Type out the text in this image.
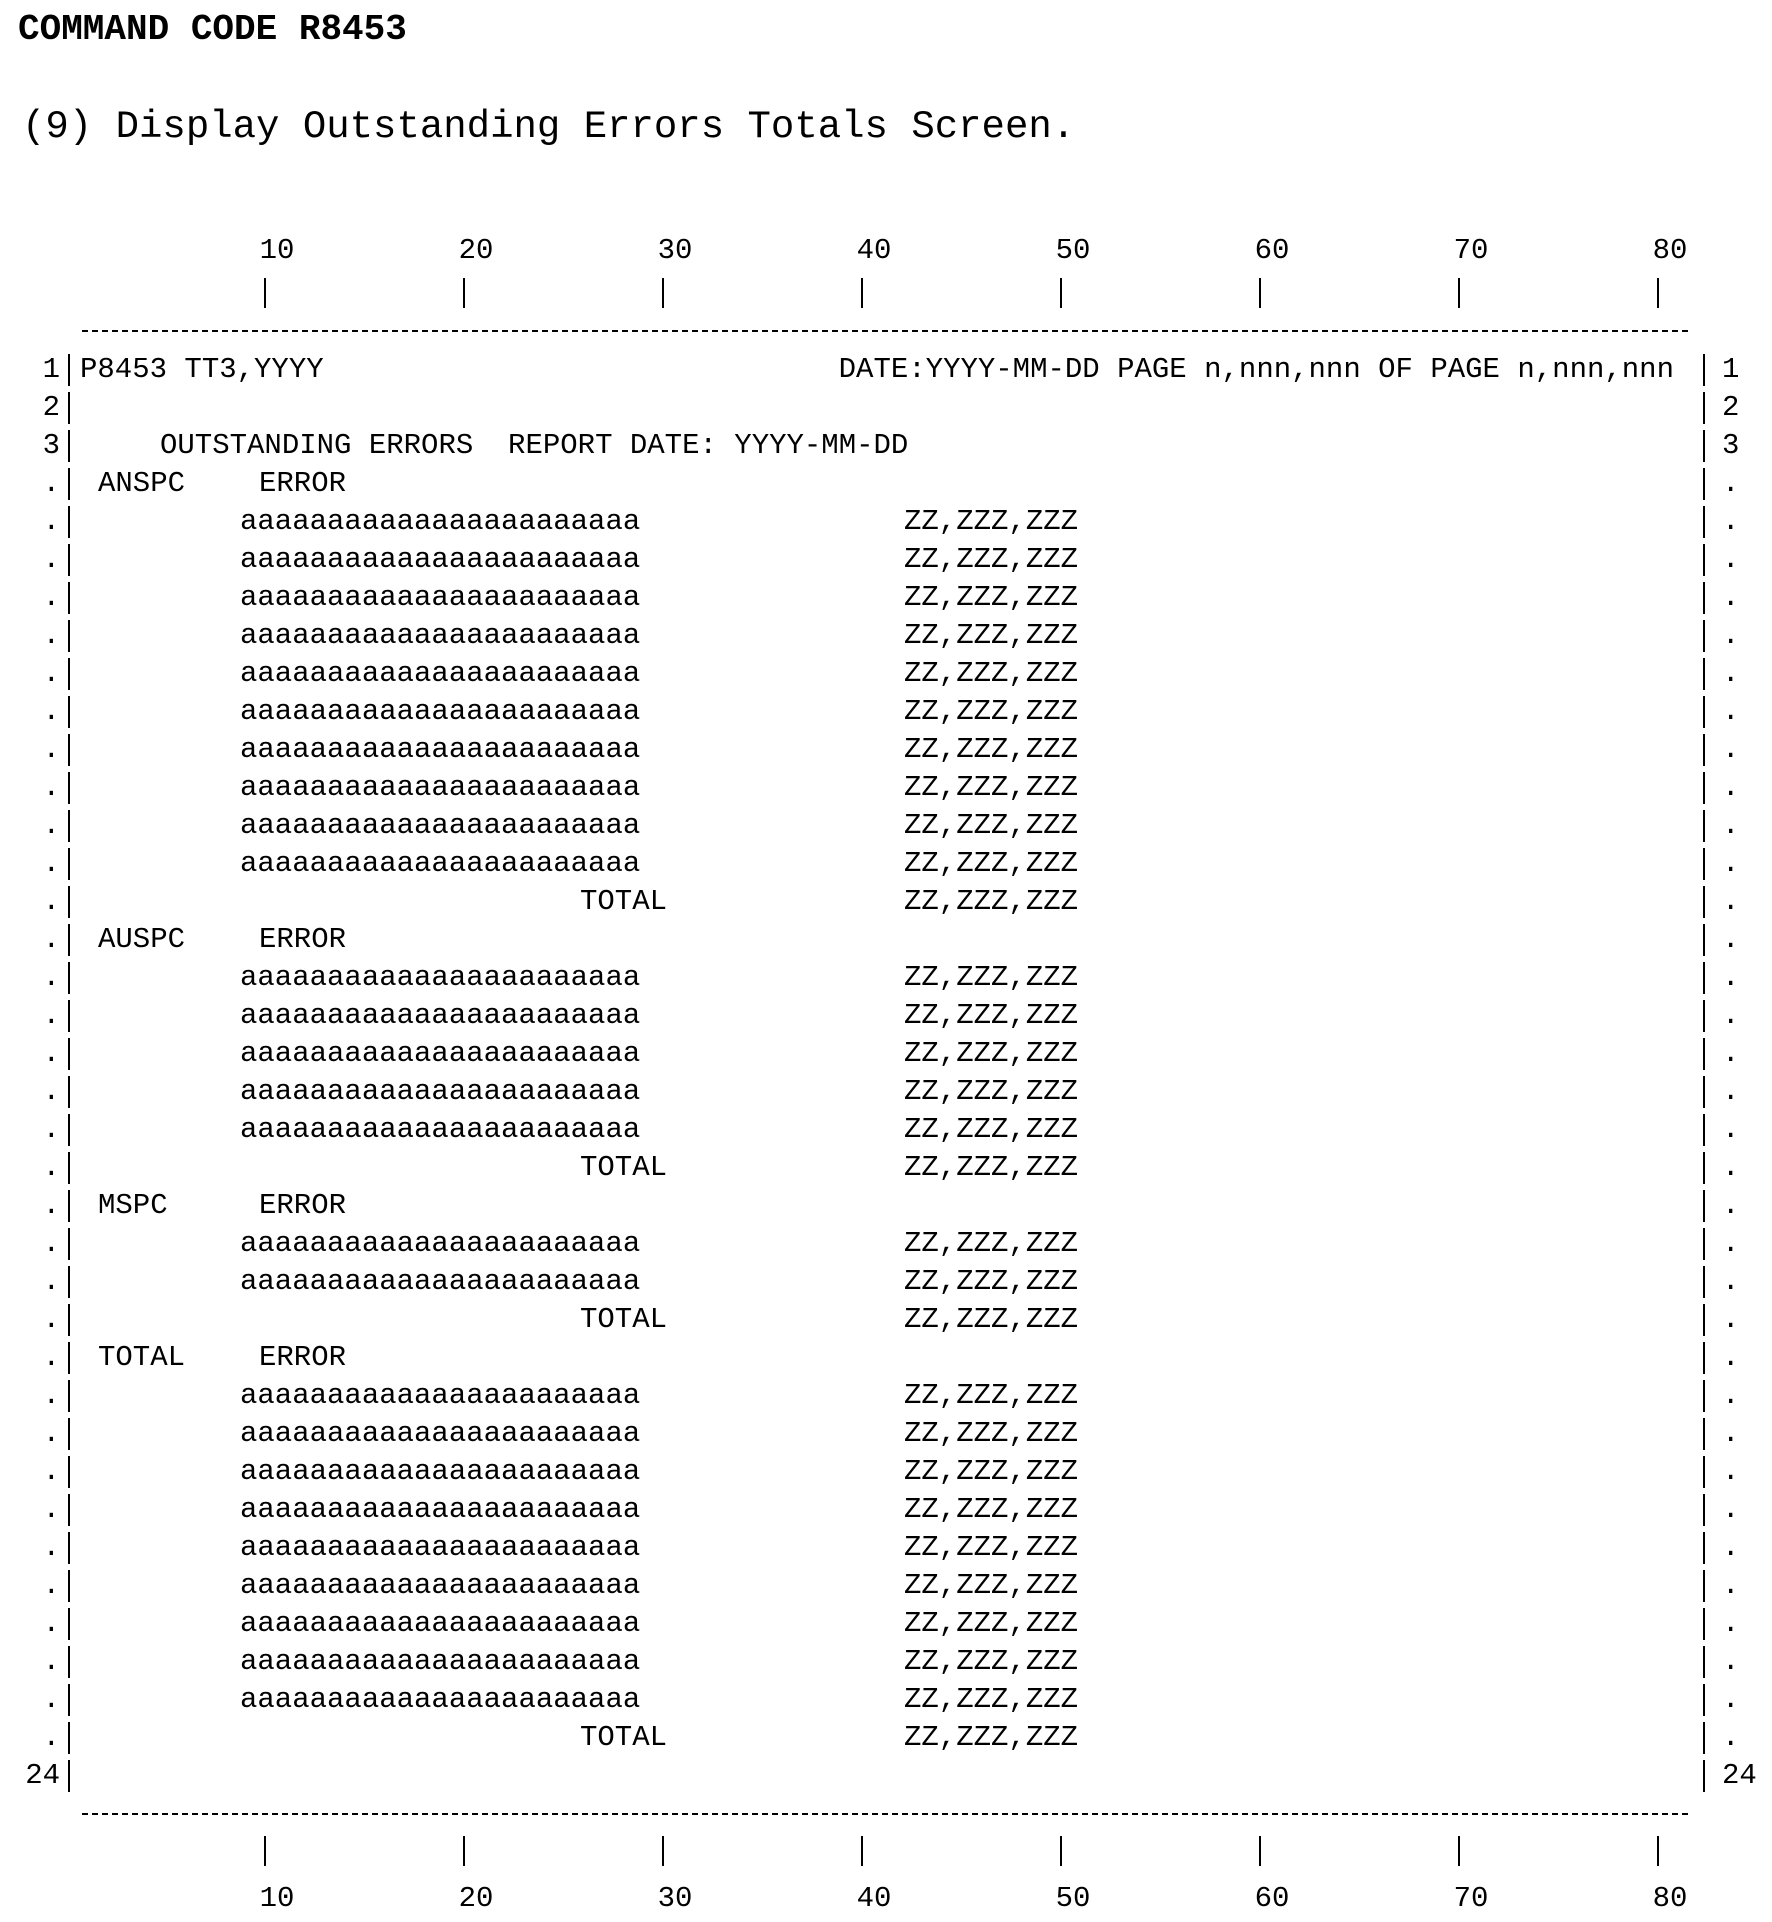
COMMAND CODE R8453
(9) Display Outstanding Errors Totals Screen.
10	20	30	40	50	60	70	80
1	1
P8453 TT3,YYYY	DATE:YYYY-MM-DD PAGE n,nnn,nnn OF PAGE n,nnn,nnn
2	2
3	3
OUTSTANDING ERRORS  REPORT DATE: YYYY-MM-DD
.	.
ANSPC	ERROR
.	.
aaaaaaaaaaaaaaaaaaaaaaa	ZZ,ZZZ,ZZZ
.	.
aaaaaaaaaaaaaaaaaaaaaaa	ZZ,ZZZ,ZZZ
.	.
aaaaaaaaaaaaaaaaaaaaaaa	ZZ,ZZZ,ZZZ
.	.
aaaaaaaaaaaaaaaaaaaaaaa	ZZ,ZZZ,ZZZ
.	.
aaaaaaaaaaaaaaaaaaaaaaa	ZZ,ZZZ,ZZZ
.	.
aaaaaaaaaaaaaaaaaaaaaaa	ZZ,ZZZ,ZZZ
.	.
aaaaaaaaaaaaaaaaaaaaaaa	ZZ,ZZZ,ZZZ
.	.
aaaaaaaaaaaaaaaaaaaaaaa	ZZ,ZZZ,ZZZ
.	.
aaaaaaaaaaaaaaaaaaaaaaa	ZZ,ZZZ,ZZZ
.	.
aaaaaaaaaaaaaaaaaaaaaaa	ZZ,ZZZ,ZZZ
.	.
TOTAL	ZZ,ZZZ,ZZZ
.	.
AUSPC	ERROR
.	.
aaaaaaaaaaaaaaaaaaaaaaa	ZZ,ZZZ,ZZZ
.	.
aaaaaaaaaaaaaaaaaaaaaaa	ZZ,ZZZ,ZZZ
.	.
aaaaaaaaaaaaaaaaaaaaaaa	ZZ,ZZZ,ZZZ
.	.
aaaaaaaaaaaaaaaaaaaaaaa	ZZ,ZZZ,ZZZ
.	.
aaaaaaaaaaaaaaaaaaaaaaa	ZZ,ZZZ,ZZZ
.	.
TOTAL	ZZ,ZZZ,ZZZ
.	.
MSPC	ERROR
.	.
aaaaaaaaaaaaaaaaaaaaaaa	ZZ,ZZZ,ZZZ
.	.
aaaaaaaaaaaaaaaaaaaaaaa	ZZ,ZZZ,ZZZ
.	.
TOTAL	ZZ,ZZZ,ZZZ
.	.
TOTAL	ERROR
.	.
aaaaaaaaaaaaaaaaaaaaaaa	ZZ,ZZZ,ZZZ
.	.
aaaaaaaaaaaaaaaaaaaaaaa	ZZ,ZZZ,ZZZ
.	.
aaaaaaaaaaaaaaaaaaaaaaa	ZZ,ZZZ,ZZZ
.	.
aaaaaaaaaaaaaaaaaaaaaaa	ZZ,ZZZ,ZZZ
.	.
aaaaaaaaaaaaaaaaaaaaaaa	ZZ,ZZZ,ZZZ
.	.
aaaaaaaaaaaaaaaaaaaaaaa	ZZ,ZZZ,ZZZ
.	.
aaaaaaaaaaaaaaaaaaaaaaa	ZZ,ZZZ,ZZZ
.	.
aaaaaaaaaaaaaaaaaaaaaaa	ZZ,ZZZ,ZZZ
.	.
aaaaaaaaaaaaaaaaaaaaaaa	ZZ,ZZZ,ZZZ
.	.
TOTAL	ZZ,ZZZ,ZZZ
24	24
10	20	30	40	50	60	70	80
